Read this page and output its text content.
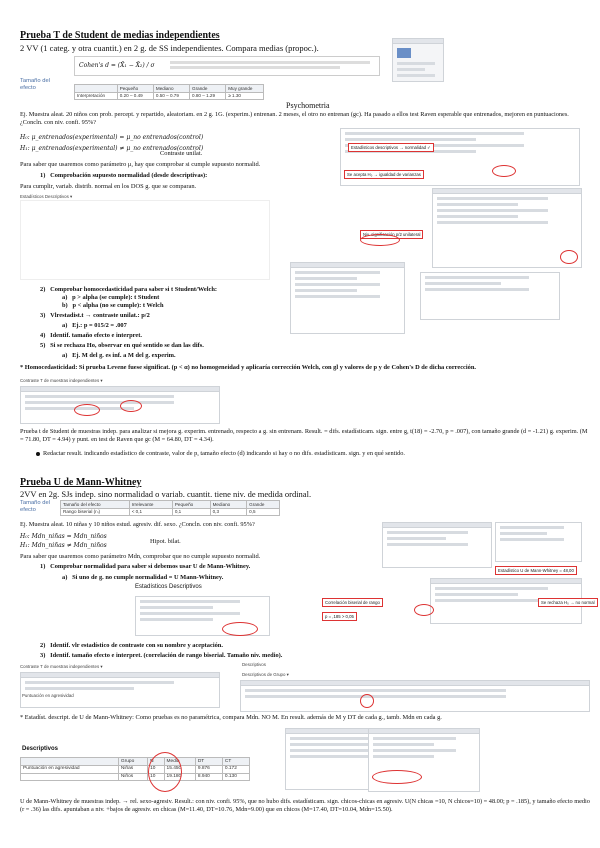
Prueba T de Student de medias independientes
2 VV (1 categ. y otra cuantit.) en 2 g. de SS independientes. Compara medias (propoc.).
Cohen's d = (X̄₁ − X̄₂) / σ
Tamaño del efecto
		Pequeño	Mediano	Grande	Muy grande
Interpretación	0.20 – 0.49	0.50 – 0.79	0.80 – 1.29	≥ 1.30
Psychometria
Ej. Muestra aleat. 20 niños con prob. percept. y repartido, aleatoriam. en 2 g. 1G. (experim.) entrenan. 2 meses, el otro no entrenan (gc). Ha pasado a ellos test Raven esperable que entrenados, mejoren en puntuaciones. ¿Concln. con niv. confi. 95%?
H₀: μ_entrenados(experimental) = μ_no entrenados(control)
H₁: μ_entrenados(experimental) ≠ μ_no entrenados(control)
Contraste unilat.
Para saber que usaremos como parámetro μ, hay que comprobar si cumple supuesto normalid.
1)   Comprobación supuesto normalidad (desde descriptivas):
Para cumplir, variab. distrib. normal en los DOS g. que se comparan.
Estadísticos Descriptivos ▾
Estadísticos descriptivos → normalidad ✓
Se acepta H₀ → igualdad de varianzas
Niv. significación p/2 unilateral
2)   Comprobar homocedasticidad para saber si t Student/Welch:
a)   p > alpha (se cumple): t Student
b)   p < alpha (no se cumple): t Welch
3)   Vlrestadist.t → contraste unilat.: p/2
a)   Ej.: p = 015/2 = .007
4)   Identif. tamaño efecto e interpret.
5)   Si se rechaza Ho, observar en qué sentido se dan las difs.
a)   Ej. M del g. es inf. a M del g. experim.
* Homocedasticidad: Si prueba Levene fuese significat. (p < α) no homogeneidad y aplicaría corrección Welch, con gl y valores de p y de Cohen's D de dicha corrección.
Contraste T de muestras independientes ▾
Prueba t de Student de muestras indep. para analizar si mejora g. experim. entrenado, respecto a g. sin entrenam. Result. = difs. estadísticam. sign. entre g, t(18) = -2.70, p = .007), con tamaño grande (d = -1.21) g. experim. (M = 71.80, DT = 4.94) y punt. en test de Raven que gc (M = 64.80, DT = 4.34).
Redactar result. indicando estadístico de contraste, valor de p, tamaño efecto (d) indicando si hay o no difs. estadísticam. sign. y en qué sentido.
Prueba U de Mann-Whitney
2VV en 2g. SJs indep. sino normalidad o variab. cuantit. tiene niv. de medida ordinal.
Tamaño del efecto
Tamaño del efecto	Irrelevante	Pequeño	Mediano	Grande
Rango biserial (rₙ)	< 0,1	0,1	0,3	0,5
Ej. Muestra aleat. 10 niñas y 10 niños estud. agresiv. dif. sexo. ¿Concln. con niv. confi. 95%?
H₀: Mdn_niñas = Mdn_niños
H₁: Mdn_niñas ≠ Mdn_niños
Hipot. bilat.
Para saber que usaremos como parámetro Mdn, comprobar que no cumple supuesto normalid.
1)   Comprobar normalidad para saber si debemos usar U de Mann-Whitney.
a)   Si uno de g. no cumple normalidad = U Mann-Whitney.
Estadísticos Descriptivos
Estadístico U de Mann-Whitney = 48,00
Correlación biserial de rango
p = ,185 > 0,05
Se rechaza H₀ → no normal
2)   Identif. vlr estadístico de contraste con su nombre y aceptación.
3)   Identif. tamaño efecto e interpret. (correlación de rango biserial. Tamaño niv. medio).
Contraste T de muestras independientes ▾
Puntuación en agresividad
Descriptivos
Descriptivos de Grupo ▾
* Estadíst. descript. de U de Mann-Whitney: Como pruebas es no paramétrica, compara Mdn. NO M. En result. además de M y DT de cada g., tamb. Mdn en cada g.
Descriptivos
	Grupo	N	Media	DT	CT
Puntuación en agresividad	Niñas	10	15.450	9.876	0.172
	Niños	10	19.180	8.940	0.130
U de Mann-Whitney de muestras indep. → rel. sexo-agresiv. Result.: con niv. confi. 95%, que no hubo difs. estadísticam. sign. chicos-chicas en agresiv. U(N chicas =10, N chicos=10) = 48.00; p = .185), y tamaño efecto medio (r = .36) las difs. apuntaban a niv. +bajos de agresiv. en chicas (M=11.40, DT=10.76, Mdn=9.00) que en chicos (M=17.40, DT=10.04, Mdn=15.50).
